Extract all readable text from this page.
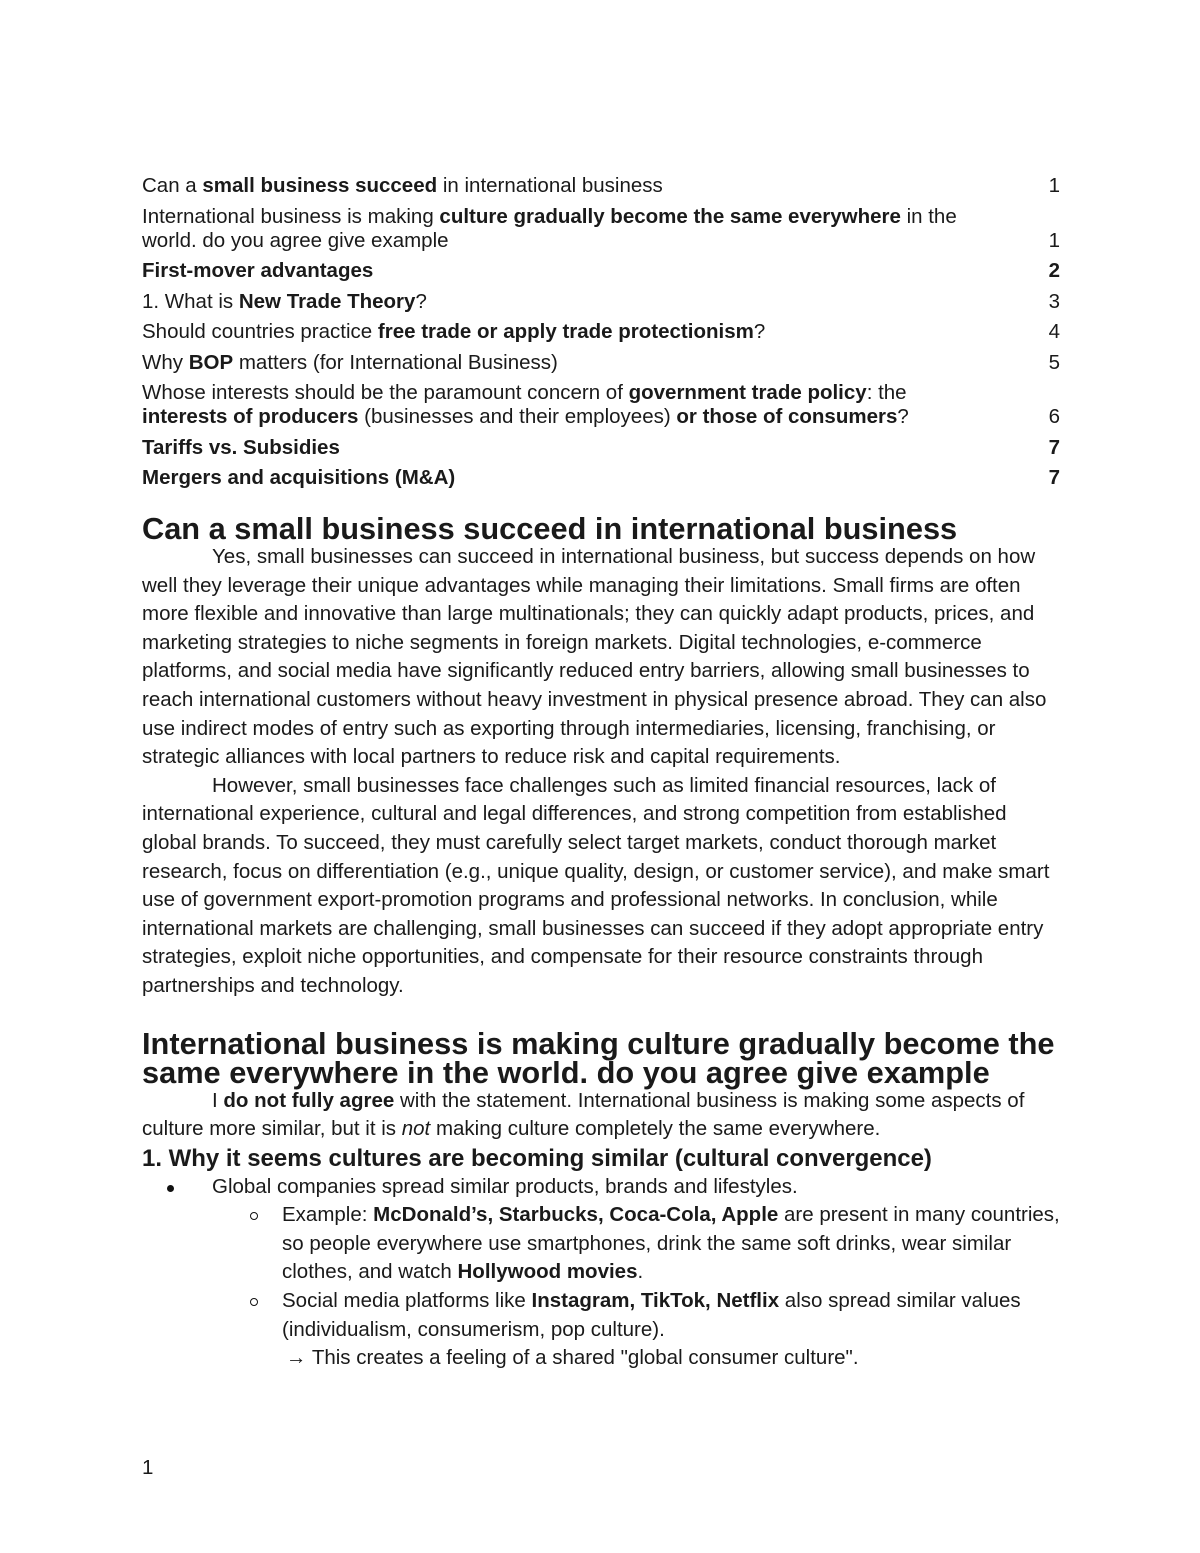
Can a small business succeed in international business	1
International business is making culture gradually become the same everywhere in the world. do you agree give example	1
First-mover advantages	2
1. What is New Trade Theory?	3
Should countries practice free trade or apply trade protectionism?	4
Why BOP matters (for International Business)	5
Whose interests should be the paramount concern of government trade policy: the interests of producers (businesses and their employees) or those of consumers?	6
Tariffs vs. Subsidies	7
Mergers and acquisitions (M&A)	7
Can a small business succeed in international business

Yes, small businesses can succeed in international business, but success depends on how well they leverage their unique advantages while managing their limitations. Small firms are often more flexible and innovative than large multinationals; they can quickly adapt products, prices, and marketing strategies to niche segments in foreign markets. Digital technologies, e-commerce platforms, and social media have significantly reduced entry barriers, allowing small businesses to reach international customers without heavy investment in physical presence abroad. They can also use indirect modes of entry such as exporting through intermediaries, licensing, franchising, or strategic alliances with local partners to reduce risk and capital requirements.

However, small businesses face challenges such as limited financial resources, lack of international experience, cultural and legal differences, and strong competition from established global brands. To succeed, they must carefully select target markets, conduct thorough market research, focus on differentiation (e.g., unique quality, design, or customer service), and make smart use of government export-promotion programs and professional networks. In conclusion, while international markets are challenging, small businesses can succeed if they adopt appropriate entry strategies, exploit niche opportunities, and compensate for their resource constraints through partnerships and technology.

International business is making culture gradually become the same everywhere in the world. do you agree give example

I do not fully agree with the statement. International business is making some aspects of culture more similar, but it is not making culture completely the same everywhere.

1. Why it seems cultures are becoming similar (cultural convergence)
Global companies spread similar products, brands and lifestyles.
Example: McDonald’s, Starbucks, Coca-Cola, Apple are present in many countries, so people everywhere use smartphones, drink the same soft drinks, wear similar clothes, and watch Hollywood movies.
Social media platforms like Instagram, TikTok, Netflix also spread similar values (individualism, consumerism, pop culture).
→ This creates a feeling of a shared "global consumer culture".
1
